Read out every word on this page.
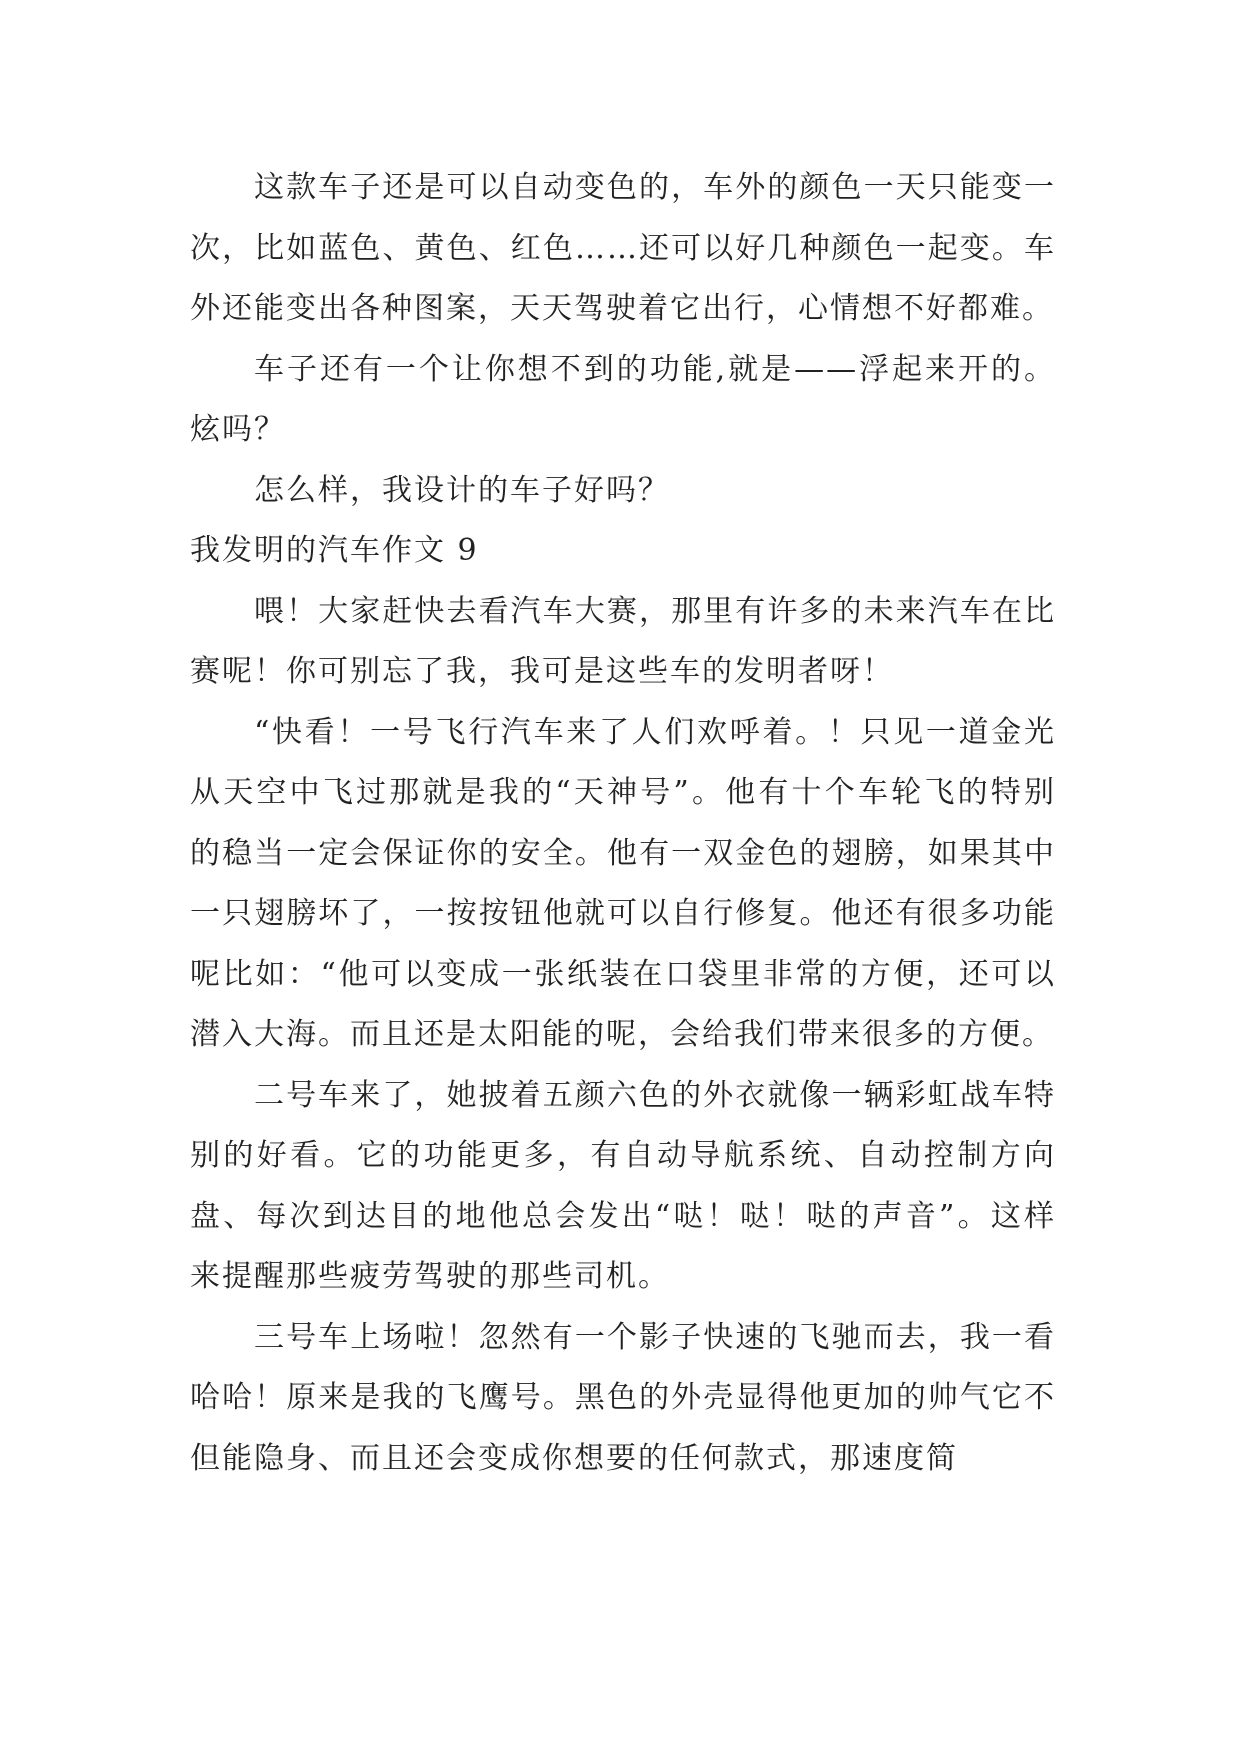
这款车子还是可以自动变色的，车外的颜色一天只能变一次，比如蓝色、黄色、红色……还可以好几种颜色一起变。车外还能变出各种图案，天天驾驶着它出行，心情想不好都难。

车子还有一个让你想不到的功能,就是——浮起来开的。炫吗？

怎么样，我设计的车子好吗？

我发明的汽车作文 9

喂！大家赶快去看汽车大赛，那里有许多的未来汽车在比赛呢！你可别忘了我，我可是这些车的发明者呀！

“快看！一号飞行汽车来了人们欢呼着。！只见一道金光从天空中飞过那就是我的“天神号”。他有十个车轮飞的特别的稳当一定会保证你的安全。他有一双金色的翅膀，如果其中一只翅膀坏了，一按按钮他就可以自行修复。他还有很多功能呢比如：“他可以变成一张纸装在口袋里非常的方便，还可以潜入大海。而且还是太阳能的呢，会给我们带来很多的方便。

二号车来了，她披着五颜六色的外衣就像一辆彩虹战车特别的好看。它的功能更多，有自动导航系统、自动控制方向盘、每次到达目的地他总会发出“哒！哒！哒的声音”。这样来提醒那些疲劳驾驶的那些司机。

三号车上场啦！忽然有一个影子快速的飞驰而去，我一看哈哈！原来是我的飞鹰号。黑色的外壳显得他更加的帅气它不但能隐身、而且还会变成你想要的任何款式，那速度简
